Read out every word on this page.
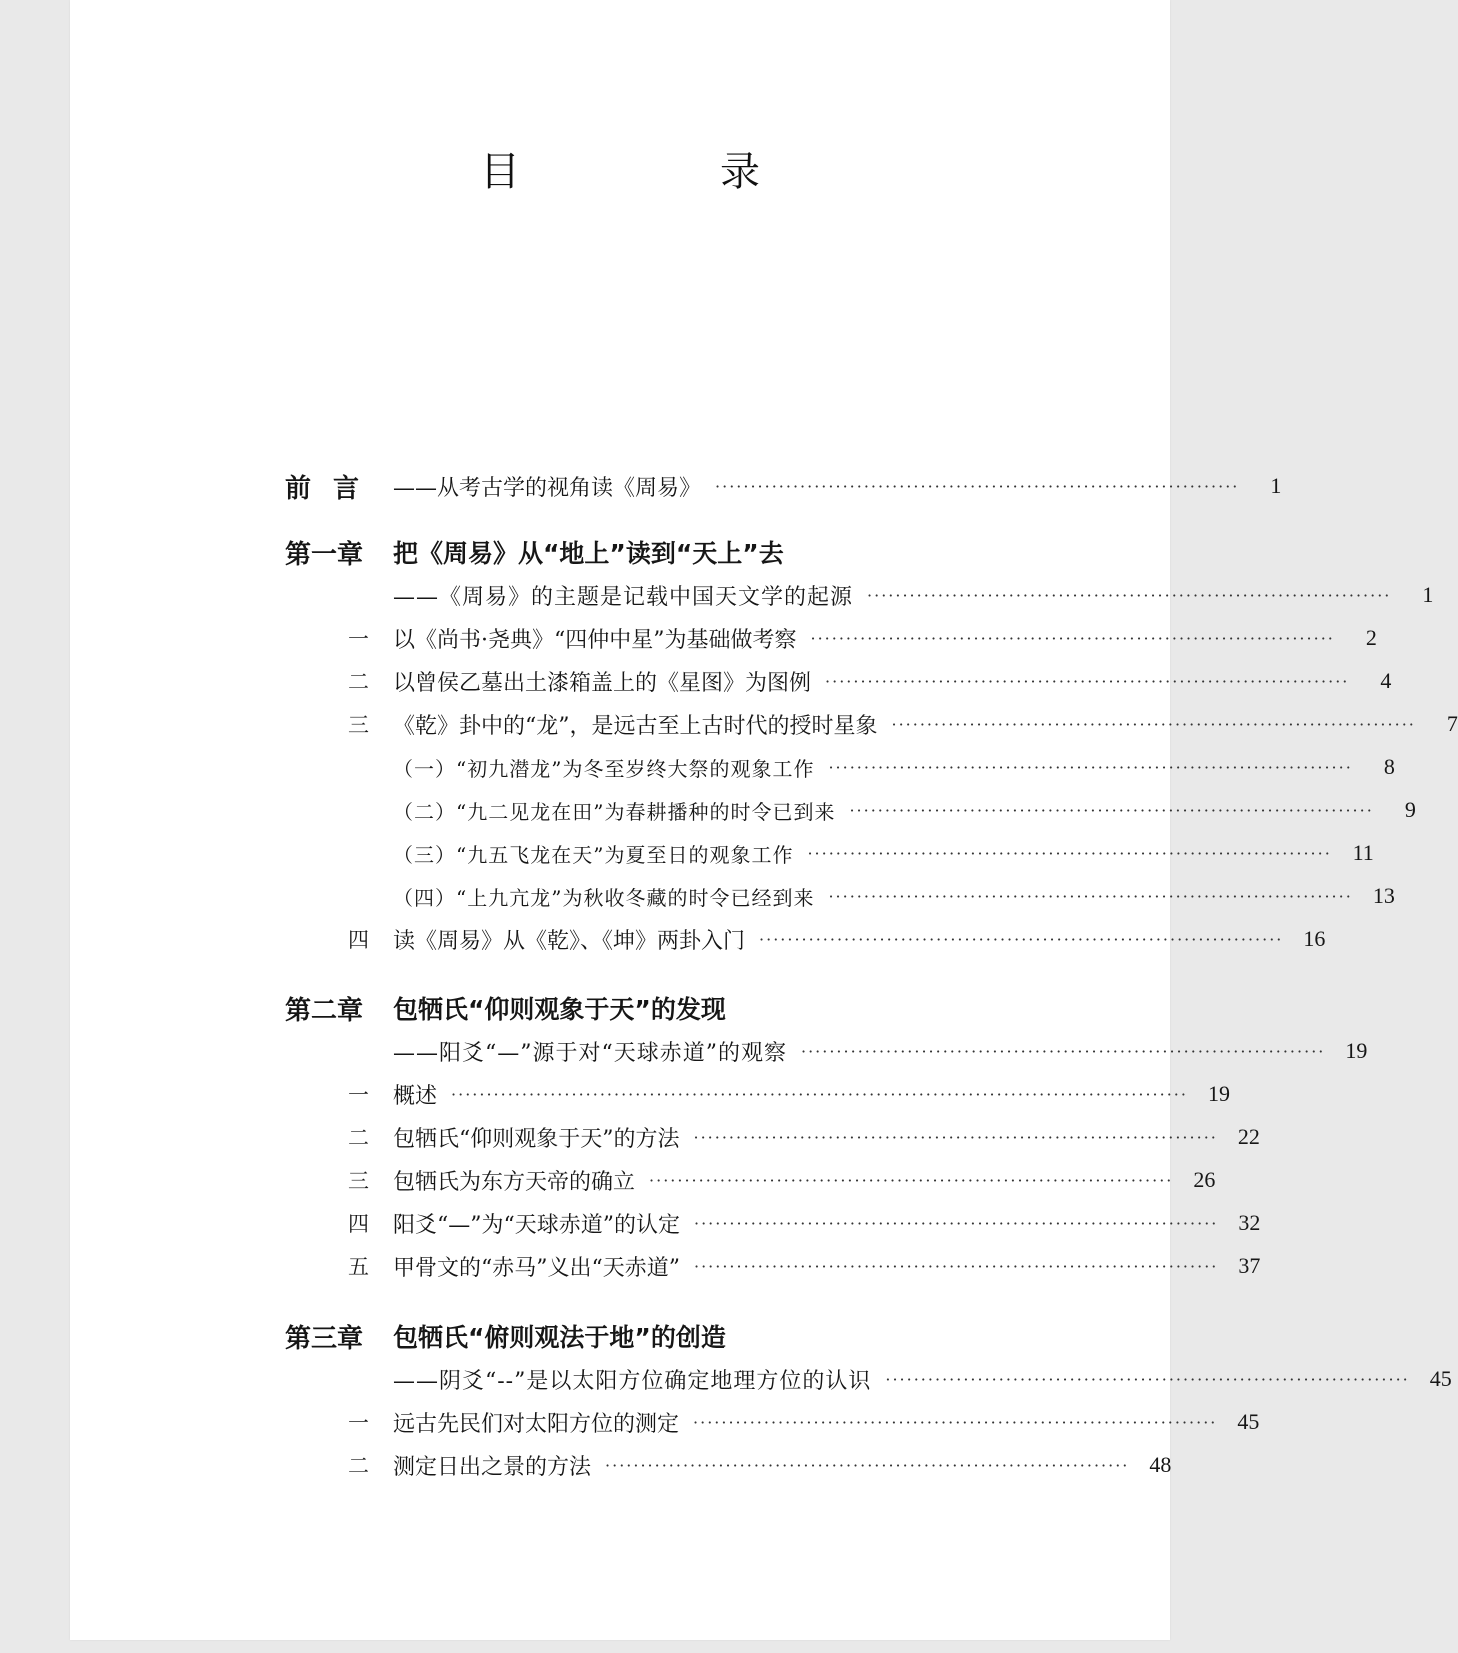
目　录
前言 ——从考古学的视角读《周易》 ··········································································	1
第一章	把《周易》从“地上”读到“天上”去
——《周易》的主题是记载中国天文学的起源 ··········································································	1
一	以《尚书·尧典》“四仲中星”为基础做考察 ··········································································	2
二	以曾侯乙墓出土漆箱盖上的《星图》为图例 ··········································································	4
三	《乾》卦中的“龙”，是远古至上古时代的授时星象 ··········································································	7
（一）“初九潜龙”为冬至岁终大祭的观象工作 ··········································································	8
（二）“九二见龙在田”为春耕播种的时令已到来 ··········································································	9
（三）“九五飞龙在天”为夏至日的观象工作 ·········································································· 11
（四）“上九亢龙”为秋收冬藏的时令已经到来 ·········································································· 13
四	读《周易》从《乾》、《坤》两卦入门 ·········································································· 16
第二章	包牺氏“仰则观象于天”的发现
——阳爻“—”源于对“天球赤道”的观察 ·········································································· 19
一	概述 ········································································································ 19
二	包牺氏“仰则观象于天”的方法 ·········································································· 22
三	包牺氏为东方天帝的确立 ·········································································· 26
四	阳爻“—”为“天球赤道”的认定 ·········································································· 32
五	甲骨文的“赤马”义出“天赤道” ·········································································· 37
第三章	包牺氏“俯则观法于地”的创造
——阴爻“--”是以太阳方位确定地理方位的认识 ·········································································· 45
一	远古先民们对太阳方位的测定 ·········································································· 45
二	测定日出之景的方法 ·········································································· 48
